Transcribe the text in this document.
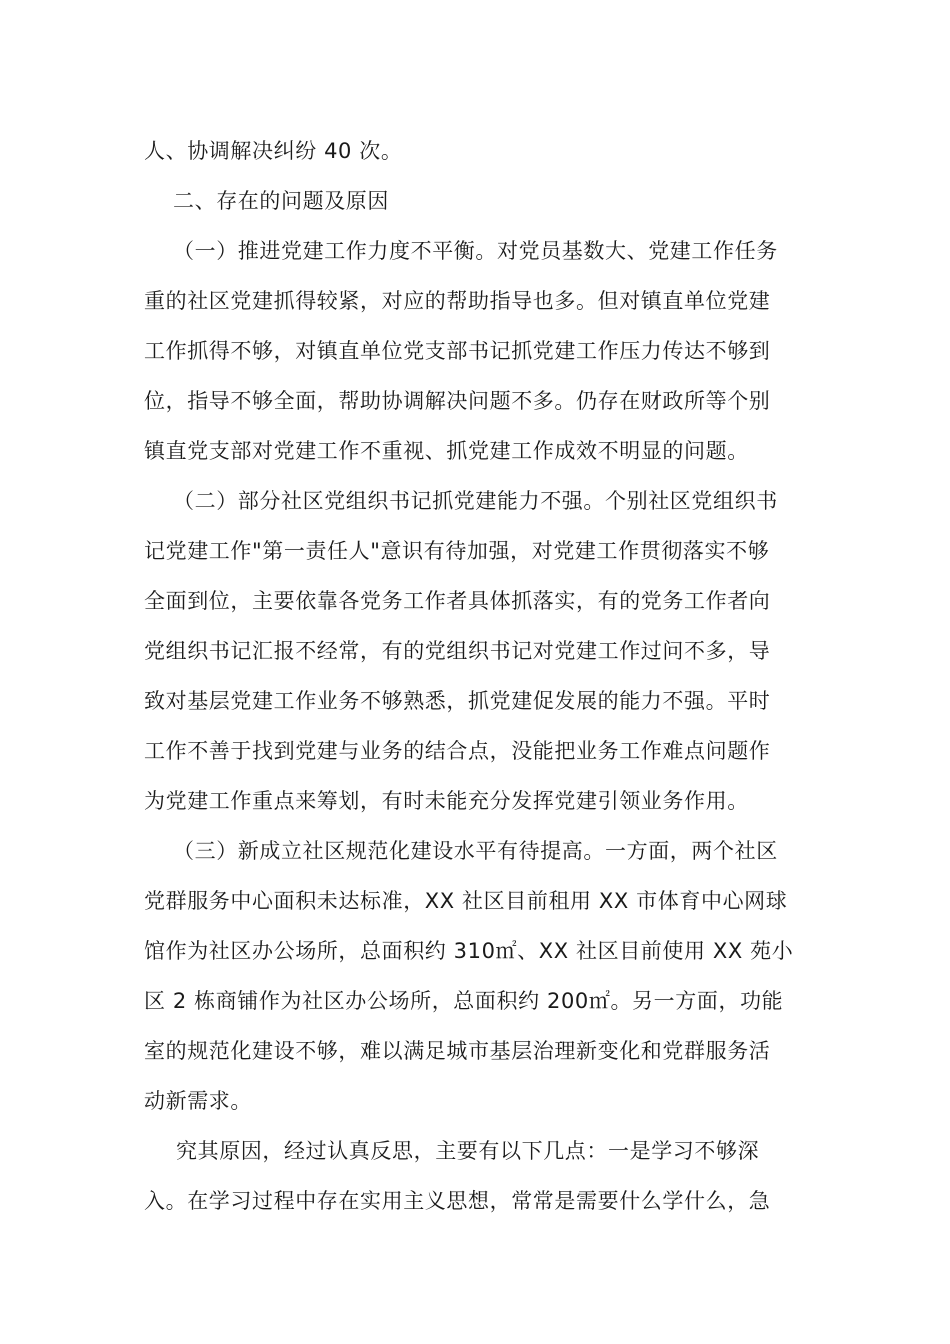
人、协调解决纠纷 40 次。
二、存在的问题及原因
（一）推进党建工作力度不平衡。对党员基数大、党建工作任务
重的社区党建抓得较紧，对应的帮助指导也多。但对镇直单位党建
工作抓得不够，对镇直单位党支部书记抓党建工作压力传达不够到
位，指导不够全面，帮助协调解决问题不多。仍存在财政所等个别
镇直党支部对党建工作不重视、抓党建工作成效不明显的问题。
（二）部分社区党组织书记抓党建能力不强。个别社区党组织书
记党建工作"第一责任人"意识有待加强，对党建工作贯彻落实不够
全面到位，主要依靠各党务工作者具体抓落实，有的党务工作者向
党组织书记汇报不经常，有的党组织书记对党建工作过问不多，导
致对基层党建工作业务不够熟悉，抓党建促发展的能力不强。平时
工作不善于找到党建与业务的结合点，没能把业务工作难点问题作
为党建工作重点来筹划，有时未能充分发挥党建引领业务作用。
（三）新成立社区规范化建设水平有待提高。一方面，两个社区
党群服务中心面积未达标准，XX 社区目前租用 XX 市体育中心网球
馆作为社区办公场所，总面积约 310㎡、XX 社区目前使用 XX 苑小
区 2 栋商铺作为社区办公场所，总面积约 200㎡。另一方面，功能
室的规范化建设不够，难以满足城市基层治理新变化和党群服务活
动新需求。
究其原因，经过认真反思，主要有以下几点：一是学习不够深
入。在学习过程中存在实用主义思想，常常是需要什么学什么，急
